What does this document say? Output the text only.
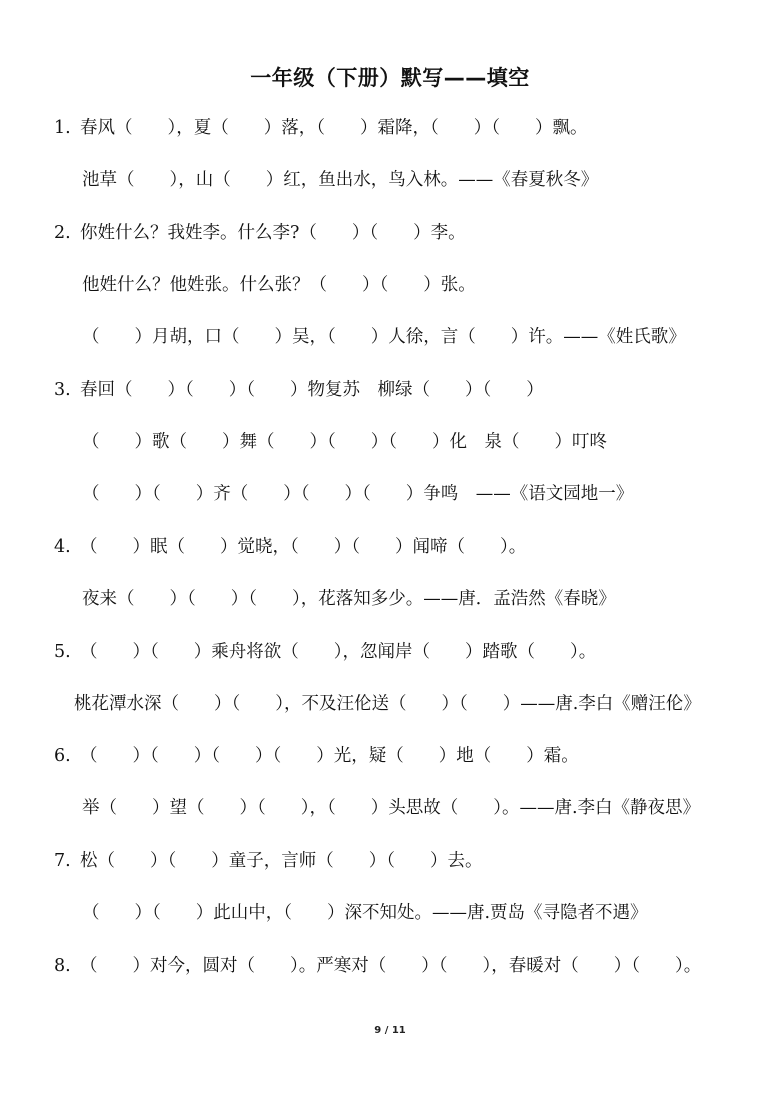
一年级（下册）默写——填空
1. 春风（　　），夏（　　）落，（　　）霜降，（　　）（　　）飘。
池草（　　），山（　　）红，鱼出水，鸟入林。——《春夏秋冬》
2. 你姓什么？我姓李。什么李?（　　）（　　）李。
他姓什么？他姓张。什么张？（　　）（　　）张。
（　　）月胡，口（　　）吴，（　　）人徐，言（　　）许。——《姓氏歌》
3. 春回（　　）（　　）（　　）物复苏　柳绿（　　）（　　）
（　　）歌（　　）舞（　　）（　　）（　　）化　泉（　　）叮咚
（　　）（　　）齐（　　）（　　）（　　）争鸣　——《语文园地一》
4. （　　）眠（　　）觉晓，（　　）（　　）闻啼（　　）。
夜来（　　）（　　）（　　），花落知多少。——唐．孟浩然《春晓》
5. （　　）（　　）乘舟将欲（　　），忽闻岸（　　）踏歌（　　）。
桃花潭水深（　　）（　　），不及汪伦送（　　）（　　）——唐.李白《赠汪伦》
6. （　　）（　　）（　　）（　　）光，疑（　　）地（　　）霜。
举（　　）望（　　）（　　），（　　）头思故（　　）。——唐.李白《静夜思》
7. 松（　　）（　　）童子，言师（　　）（　　）去。
（　　）（　　）此山中，（　　）深不知处。——唐.贾岛《寻隐者不遇》
8. （　　）对今，圆对（　　）。严寒对（　　）（　　），春暖对（　　）（　　）。
9 / 11
